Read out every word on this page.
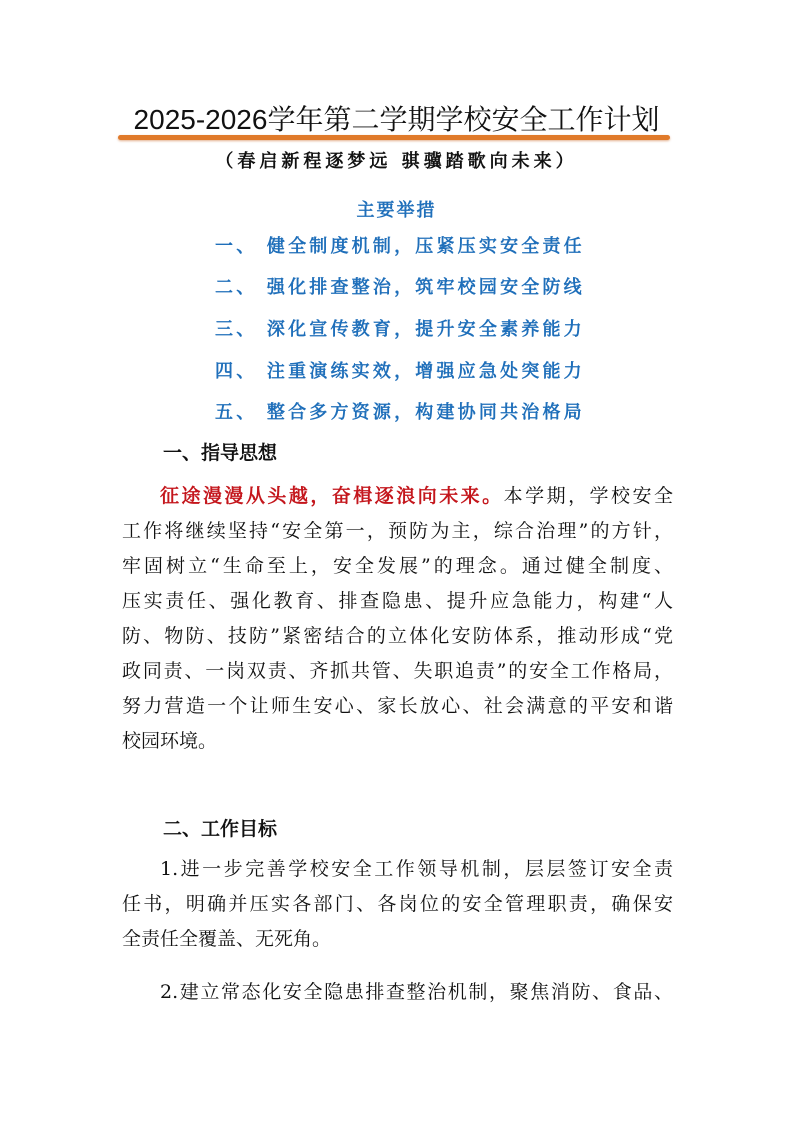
2025-2026学年第二学期学校安全工作计划
（春启新程逐梦远 骐骥踏歌向未来）
主要举措
一、 健全制度机制，压紧压实安全责任
二、 强化排查整治，筑牢校园安全防线
三、 深化宣传教育，提升安全素养能力
四、 注重演练实效，增强应急处突能力
五、 整合多方资源，构建协同共治格局
一、指导思想
征途漫漫从头越，奋楫逐浪向未来。本学期，学校安全
工作将继续坚持“安全第一，预防为主，综合治理”的方针，
牢固树立“生命至上，安全发展”的理念。通过健全制度、
压实责任、强化教育、排查隐患、提升应急能力，构建“人
防、物防、技防”紧密结合的立体化安防体系，推动形成“党
政同责、一岗双责、齐抓共管、失职追责”的安全工作格局，
努力营造一个让师生安心、家长放心、社会满意的平安和谐
校园环境。
二、工作目标
1.进一步完善学校安全工作领导机制，层层签订安全责
任书，明确并压实各部门、各岗位的安全管理职责，确保安
全责任全覆盖、无死角。
2.建立常态化安全隐患排查整治机制，聚焦消防、食品、
